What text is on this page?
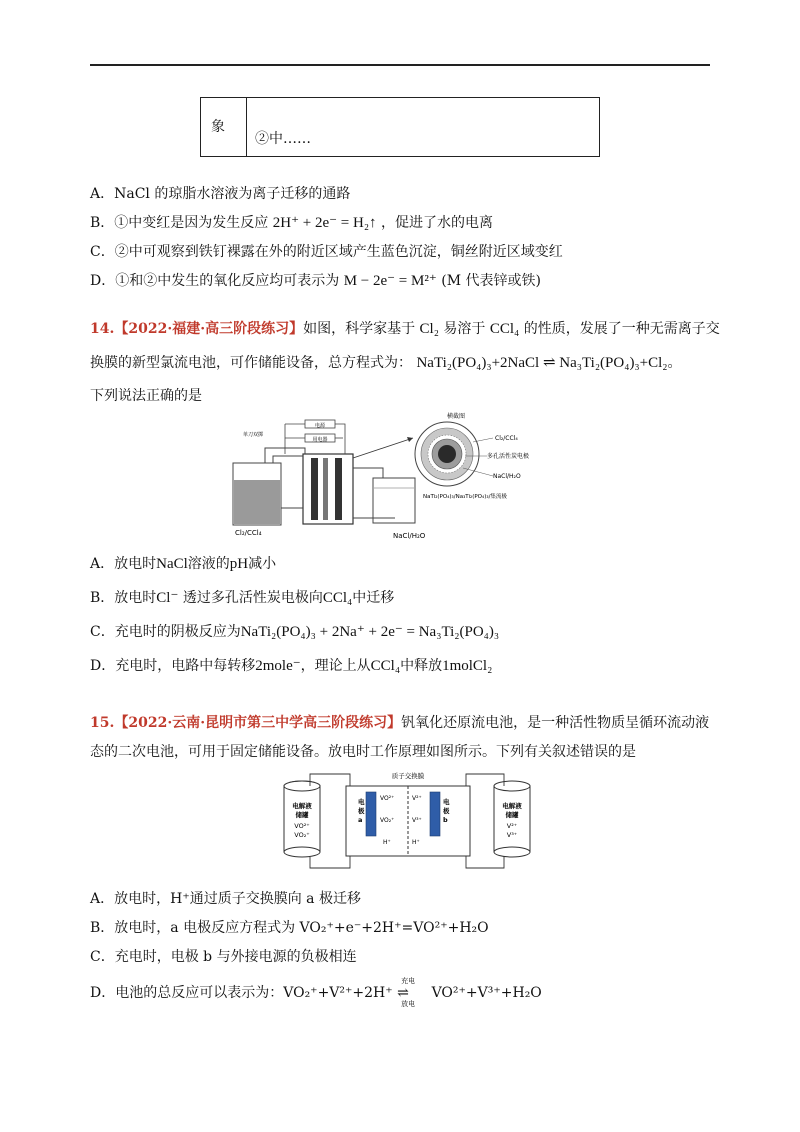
象
②中……
A．NaCl 的琼脂水溶液为离子迁移的通路
B．①中变红是因为发生反应 2H⁺ + 2e⁻ = H₂↑ ，促进了水的电离
C．②中可观察到铁钉裸露在外的附近区域产生蓝色沉淀，铜丝附近区域变红
D．①和②中发生的氧化反应均可表示为 M − 2e⁻ = M²⁺ (M 代表锌或铁)
14.【2022·福建·高三阶段练习】如图，科学家基于 Cl₂ 易溶于 CCl₄ 的性质，发展了一种无需离子交
换膜的新型氯流电池，可作储能设备，总方程式为： NaTi₂(PO₄)₃+2NaCl ⇌ Na₃Ti₂(PO₄)₃+Cl₂。
下列说法正确的是
Cl₂/CCl₄	NaCl/H₂O
电源
用电器
单刀双掷
横截图
Cl₂/CCl₄
多孔活性炭电极
NaCl/H₂O
NaTi₂(PO₄)₃/Na₃Ti₂(PO₄)₃/集流极
A．放电时NaCl溶液的pH减小
B．放电时Cl⁻ 透过多孔活性炭电极向CCl₄中迁移
C．充电时的阴极反应为NaTi₂(PO₄)₃ + 2Na⁺ + 2e⁻ = Na₃Ti₂(PO₄)₃
D．充电时，电路中每转移2mole⁻，理论上从CCl₄中释放1molCl₂
15.【2022·云南·昆明市第三中学高三阶段练习】钒氧化还原流电池，是一种活性物质呈循环流动液
态的二次电池，可用于固定储能设备。放电时工作原理如图所示。下列有关叙述错误的是
电解液
储罐
VO²⁺
VO₂⁺
电解液
储罐
V²⁺
V³⁺
质子交换膜
电
极
a
电
极
b
VO²⁺
VO₂⁺
H⁺
V²⁺
V³⁺
H⁺
A．放电时，H⁺通过质子交换膜向 a 极迁移
B．放电时，a 电极反应方程式为 VO₂⁺+e⁻+2H⁺=VO²⁺+H₂O
C．充电时，电极 b 与外接电源的负极相连
D．电池的总反应可以表示为：VO₂⁺+V²⁺+2H⁺
充电
⇌
放电
VO²⁺+V³⁺+H₂O
